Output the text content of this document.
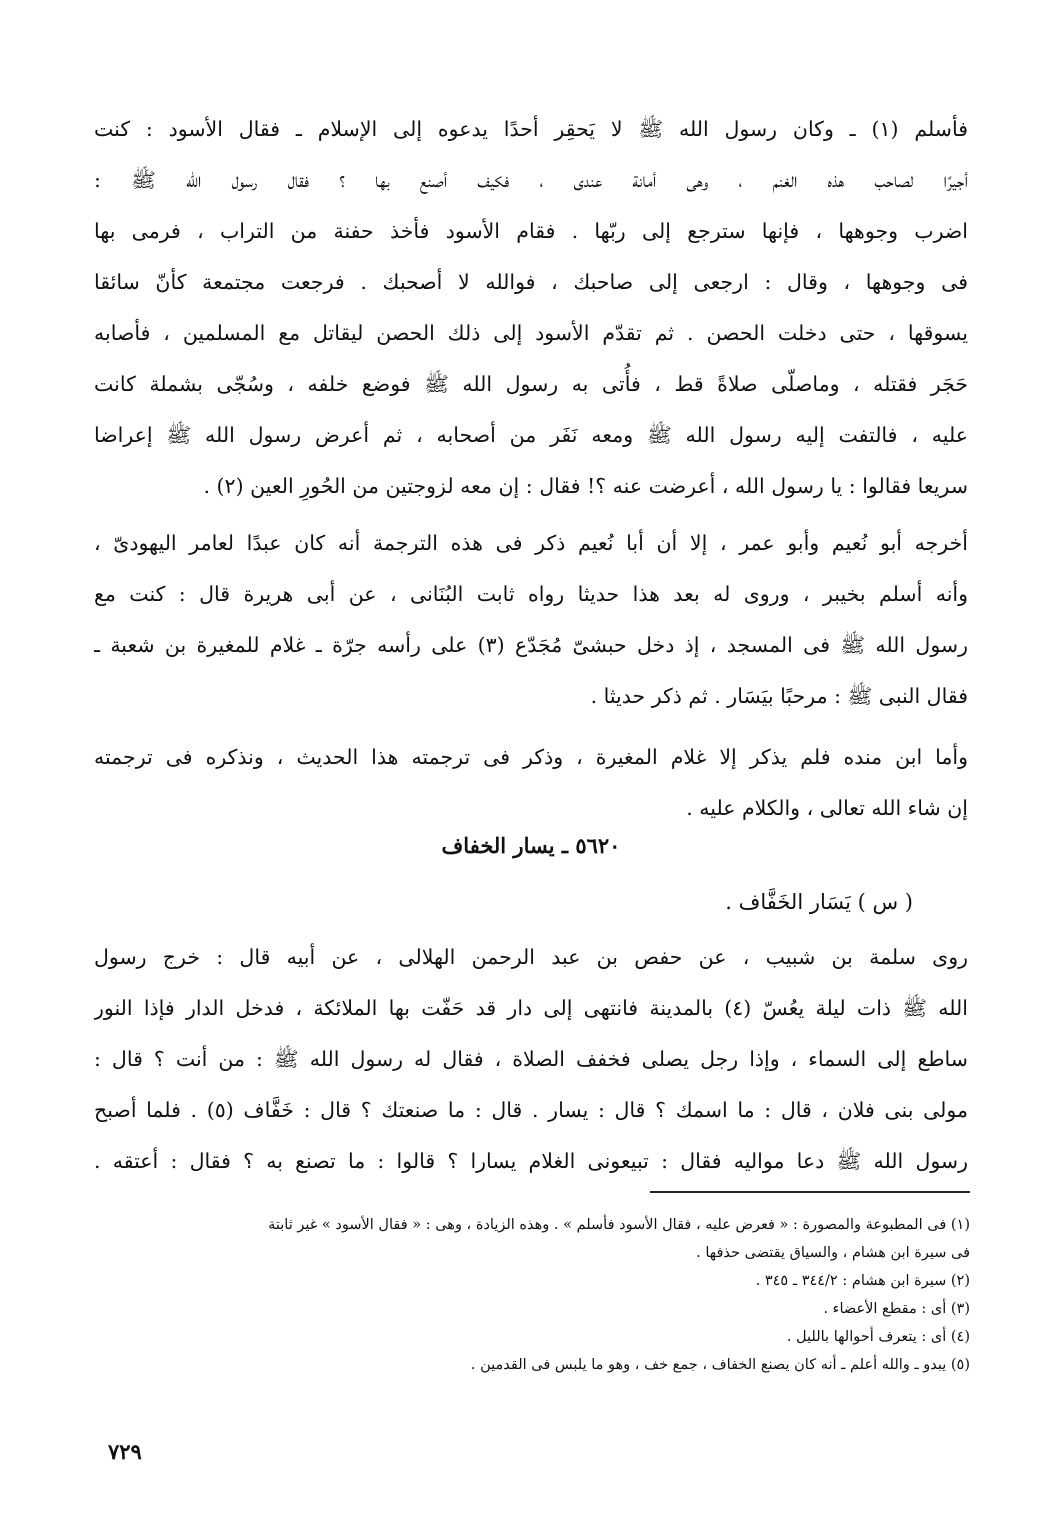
فأسلم (١) ـ وكان رسول الله ﷺ لا يَحقِر أحدًا يدعوه إلى الإسلام ـ فقال الأسود : كنت
أجيرًا لصاحب هذه الغنم ، وهى أمانة عندى ، فكيف أصنع بها ؟ فقال رسول الله ﷺ :
اضرب وجوهها ، فإنها سترجع إلى ربّها . فقام الأسود فأخذ حفنة من التراب ، فرمى بها
فى وجوهها ، وقال : ارجعى إلى صاحبك ، فوالله لا أصحبك . فرجعت مجتمعة كأنّ سائقا
يسوقها ، حتى دخلت الحصن . ثم تقدّم الأسود إلى ذلك الحصن ليقاتل مع المسلمين ، فأصابه
حَجَر فقتله ، وماصلّى صلاةً قط ، فأُتى به رسول الله ﷺ فوضع خلفه ، وسُجّى بشملة كانت
عليه ، فالتفت إليه رسول الله ﷺ ومعه نَفَر من أصحابه ، ثم أعرض رسول الله ﷺ إعراضا
سريعا فقالوا : يا رسول الله ، أعرضت عنه ؟! فقال : إن معه لزوجتين من الحُورِ العين (٢) .
أخرجه أبو نُعيم وأبو عمر ، إلا أن أبا نُعيم ذكر فى هذه الترجمة أنه كان عبدًا لعامر اليهودىّ ،
وأنه أسلم بخيبر ، وروى له بعد هذا حديثا رواه ثابت البُنَانى ، عن أبى هريرة قال : كنت مع
رسول الله ﷺ فى المسجد ، إذ دخل حبشىّ مُجَدّع (٣) على رأسه جرّة ـ غلام للمغيرة بن شعبة ـ
فقال النبى ﷺ : مرحبًا بيَسَار . ثم ذكر حديثا .
وأما ابن منده فلم يذكر إلا غلام المغيرة ، وذكر فى ترجمته هذا الحديث ، ونذكره فى ترجمته
إن شاء الله تعالى ، والكلام عليه .
٥٦٢٠ ـ يسار الخفاف
( س ) يَسَار الخَفَّاف .
روى سلمة بن شبيب ، عن حفص بن عبد الرحمن الهلالى ، عن أبيه قال : خرج رسول
الله ﷺ ذات ليلة يعُسّ (٤) بالمدينة فانتهى إلى دار قد حَفّت بها الملائكة ، فدخل الدار فإذا النور
ساطع إلى السماء ، وإذا رجل يصلى فخفف الصلاة ، فقال له رسول الله ﷺ : من أنت ؟ قال :
مولى بنى فلان ، قال : ما اسمك ؟ قال : يسار . قال : ما صنعتك ؟ قال : خَفَّاف (٥) . فلما أصبح
رسول الله ﷺ دعا مواليه فقال : تبيعونى الغلام يسارا ؟ قالوا : ما تصنع به ؟ فقال : أعتقه .
(١) فى المطبوعة والمصورة : « فعرض عليه ، فقال الأسود فأسلم » . وهذه الزيادة ، وهى : « فقال الأسود » غير ثابتة
فى سيرة ابن هشام ، والسياق يقتضى حذفها .
(٢) سيرة ابن هشام : ٣٤٤/٢ ـ ٣٤٥ .
(٣) أى : مقطع الأعضاء .
(٤) أى : يتعرف أحوالها بالليل .
(٥) يبدو ـ والله أعلم ـ أنه كان يصنع الخفاف ، جمع خف ، وهو ما يلبس فى القدمين .
٧٢٩
